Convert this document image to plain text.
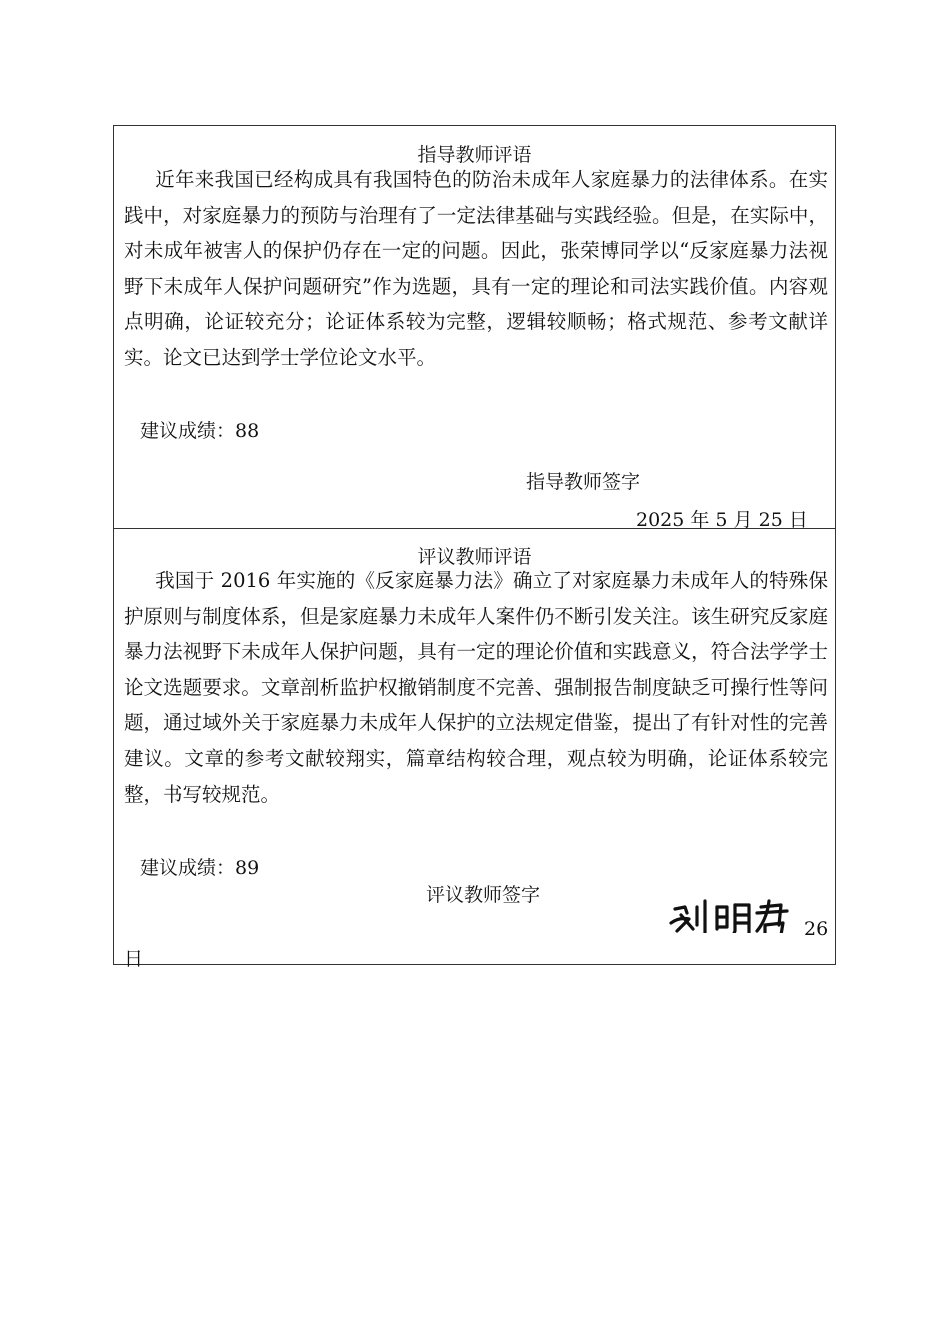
指导教师评语

近年来我国已经构成具有我国特色的防治未成年人家庭暴力的法律体系。在实践中，对家庭暴力的预防与治理有了一定法律基础与实践经验。但是，在实际中，对未成年被害人的保护仍存在一定的问题。因此，张荣博同学以“反家庭暴力法视野下未成年人保护问题研究”作为选题，具有一定的理论和司法实践价值。内容观点明确，论证较充分；论证体系较为完整，逻辑较顺畅；格式规范、参考文献详实。论文已达到学士学位论文水平。

建议成绩：88
指导教师签字
2025 年 5 月 25 日
评议教师评语

我国于 2016 年实施的《反家庭暴力法》确立了对家庭暴力未成年人的特殊保护原则与制度体系，但是家庭暴力未成年人案件仍不断引发关注。该生研究反家庭暴力法视野下未成年人保护问题，具有一定的理论价值和实践意义，符合法学学士论文选题要求。文章剖析监护权撤销制度不完善、强制报告制度缺乏可操行性等问题，通过域外关于家庭暴力未成年人保护的立法规定借鉴，提出了有针对性的完善建议。文章的参考文献较翔实，篇章结构较合理，观点较为明确，论证体系较完整，书写较规范。

建议成绩：89
评议教师签字
26
日
